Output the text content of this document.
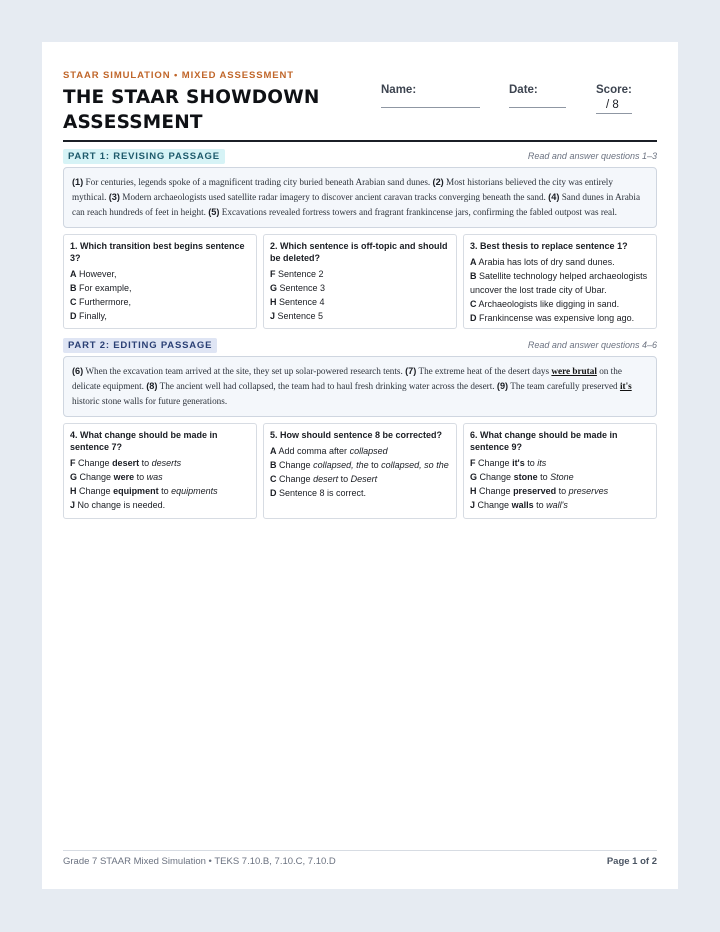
STAAR SIMULATION • MIXED ASSESSMENT
THE STAAR SHOWDOWN ASSESSMENT
Name:	Date:	Score:
/ 8
PART 1: REVISING PASSAGE	Read and answer questions 1–3
(1) For centuries, legends spoke of a magnificent trading city buried beneath Arabian sand dunes. (2) Most historians believed the city was entirely mythical. (3) Modern archaeologists used satellite radar imagery to discover ancient caravan tracks converging beneath the sand. (4) Sand dunes in Arabia can reach hundreds of feet in height. (5) Excavations revealed fortress towers and fragrant frankincense jars, confirming the fabled outpost was real.
1. Which transition best begins sentence 3?
A However,
B For example,
C Furthermore,
D Finally,
2. Which sentence is off-topic and should be deleted?
F Sentence 2
G Sentence 3
H Sentence 4
J Sentence 5
3. Best thesis to replace sentence 1?
A Arabia has lots of dry sand dunes.
B Satellite technology helped archaeologists uncover the lost trade city of Ubar.
C Archaeologists like digging in sand.
D Frankincense was expensive long ago.
PART 2: EDITING PASSAGE	Read and answer questions 4–6
(6) When the excavation team arrived at the site, they set up solar-powered research tents. (7) The extreme heat of the desert days were brutal on the delicate equipment. (8) The ancient well had collapsed, the team had to haul fresh drinking water across the desert. (9) The team carefully preserved it's historic stone walls for future generations.
4. What change should be made in sentence 7?
F Change desert to deserts
G Change were to was
H Change equipment to equipments
J No change is needed.
5. How should sentence 8 be corrected?
A Add comma after collapsed
B Change collapsed, the to collapsed, so the
C Change desert to Desert
D Sentence 8 is correct.
6. What change should be made in sentence 9?
F Change it's to its
G Change stone to Stone
H Change preserved to preserves
J Change walls to wall's
Grade 7 STAAR Mixed Simulation • TEKS 7.10.B, 7.10.C, 7.10.D	Page 1 of 2
